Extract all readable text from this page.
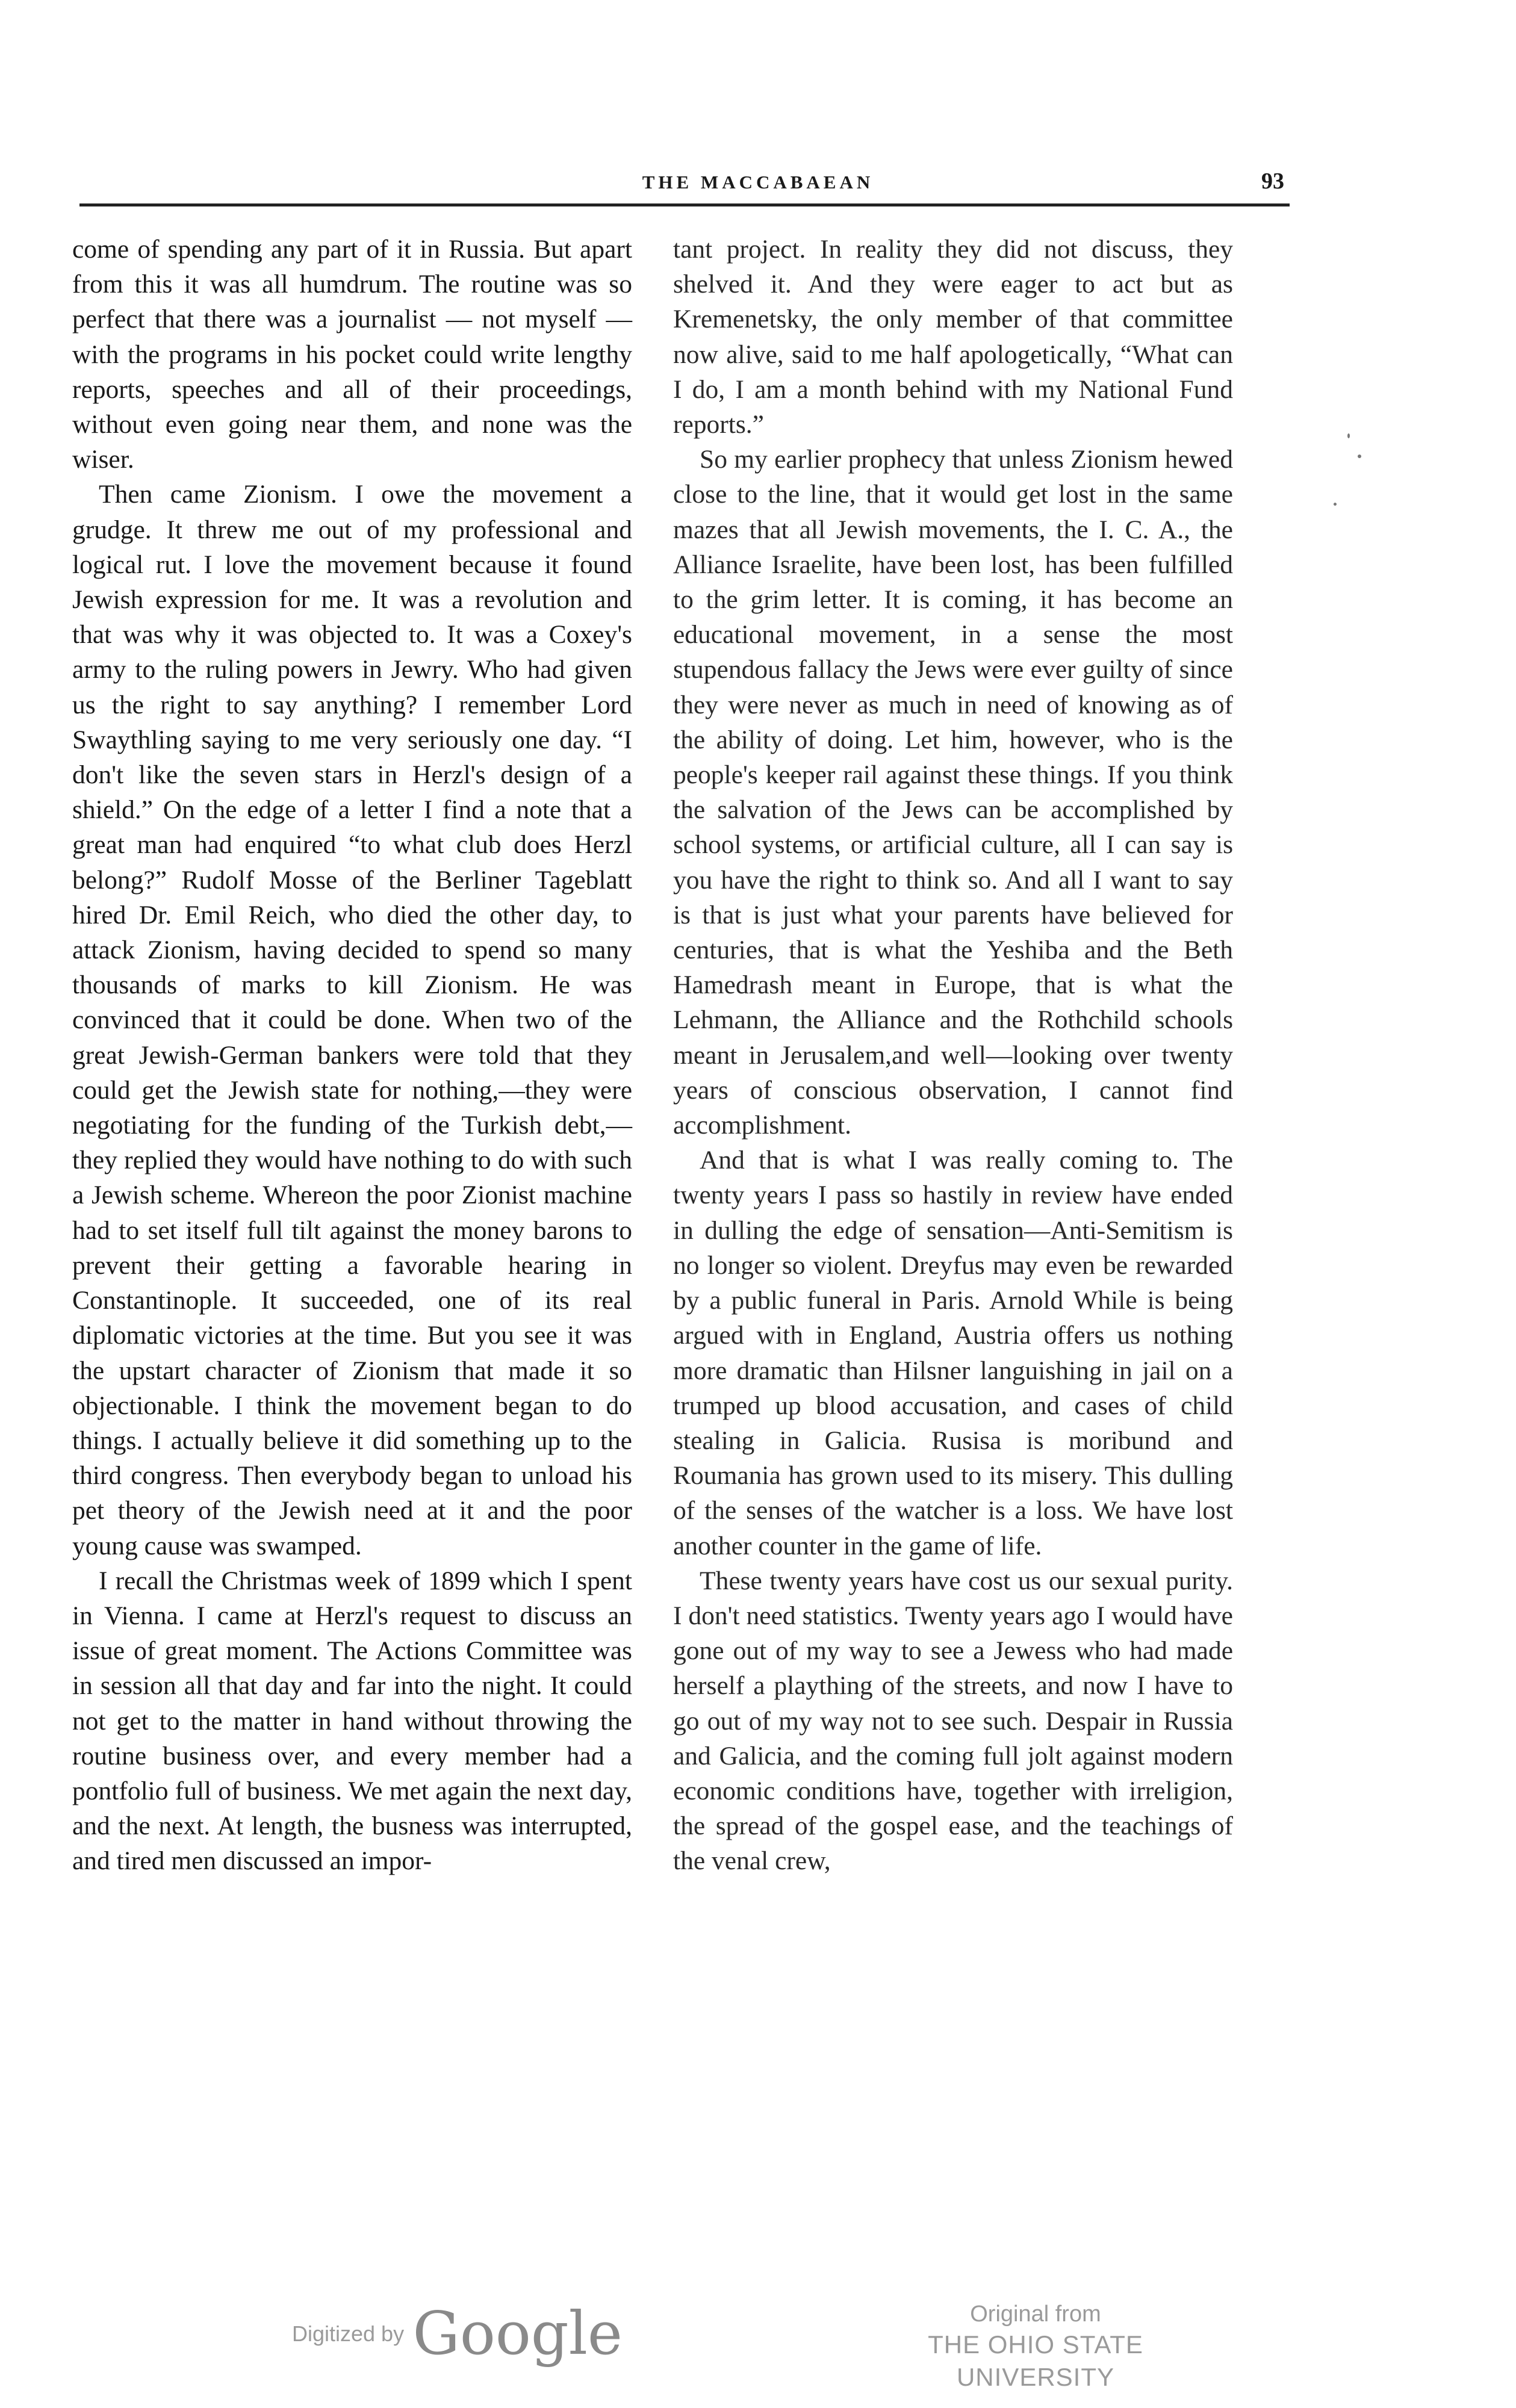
THE MACCABAEAN	93

come of spending any part of it in Russia. But apart from this it was all humdrum. The routine was so perfect that there was a journalist — not myself — with the programs in his pocket could write lengthy reports, speeches and all of their proceedings, without even going near them, and none was the wiser.

Then came Zionism. I owe the movement a grudge. It threw me out of my professional and logical rut. I love the movement because it found Jewish expression for me. It was a revolution and that was why it was objected to. It was a Coxey's army to the ruling powers in Jewry. Who had given us the right to say anything? I remember Lord Swaythling saying to me very seriously one day. “I don't like the seven stars in Herzl's design of a shield.” On the edge of a letter I find a note that a great man had enquired “to what club does Herzl belong?” Rudolf Mosse of the Berliner Tageblatt hired Dr. Emil Reich, who died the other day, to attack Zionism, having decided to spend so many thousands of marks to kill Zionism. He was convinced that it could be done. When two of the great Jewish-German bankers were told that they could get the Jewish state for nothing,—they were negotiating for the funding of the Turkish debt,—they replied they would have nothing to do with such a Jewish scheme. Whereon the poor Zionist machine had to set itself full tilt against the money barons to prevent their getting a favorable hearing in Constantinople. It succeeded, one of its real diplomatic victories at the time. But you see it was the upstart character of Zionism that made it so objectionable. I think the movement began to do things. I actually believe it did something up to the third congress. Then everybody began to unload his pet theory of the Jewish need at it and the poor young cause was swamped.

I recall the Christmas week of 1899 which I spent in Vienna. I came at Herzl's request to discuss an issue of great moment. The Actions Committee was in session all that day and far into the night. It could not get to the matter in hand without throwing the routine business over, and every member had a pontfolio full of business. We met again the next day, and the next. At length, the busness was interrupted, and tired men discussed an impor-

tant project. In reality they did not discuss, they shelved it. And they were eager to act but as Kremenetsky, the only member of that committee now alive, said to me half apologetically, “What can I do, I am a month behind with my National Fund reports.”

So my earlier prophecy that unless Zionism hewed close to the line, that it would get lost in the same mazes that all Jewish movements, the I. C. A., the Alliance Israelite, have been lost, has been fulfilled to the grim letter. It is coming, it has become an educational movement, in a sense the most stupendous fallacy the Jews were ever guilty of since they were never as much in need of knowing as of the ability of doing. Let him, however, who is the people's keeper rail against these things. If you think the salvation of the Jews can be accomplished by school systems, or artificial culture, all I can say is you have the right to think so. And all I want to say is that is just what your parents have believed for centuries, that is what the Yeshiba and the Beth Hamedrash meant in Europe, that is what the Lehmann, the Alliance and the Rothchild schools meant in Jerusalem,and well—looking over twenty years of conscious observation, I cannot find accomplishment.

And that is what I was really coming to. The twenty years I pass so hastily in review have ended in dulling the edge of sensation—Anti-Semitism is no longer so violent. Dreyfus may even be rewarded by a public funeral in Paris. Arnold While is being argued with in England, Austria offers us nothing more dramatic than Hilsner languishing in jail on a trumped up blood accusation, and cases of child stealing in Galicia. Rusisa is moribund and Roumania has grown used to its misery. This dulling of the senses of the watcher is a loss. We have lost another counter in the game of life.

These twenty years have cost us our sexual purity. I don't need statistics. Twenty years ago I would have gone out of my way to see a Jewess who had made herself a plaything of the streets, and now I have to go out of my way not to see such. Despair in Russia and Galicia, and the coming full jolt against modern economic conditions have, together with irreligion, the spread of the gospel ease, and the teachings of the venal crew,

Digitized by Google	Original from
THE OHIO STATE UNIVERSITY
